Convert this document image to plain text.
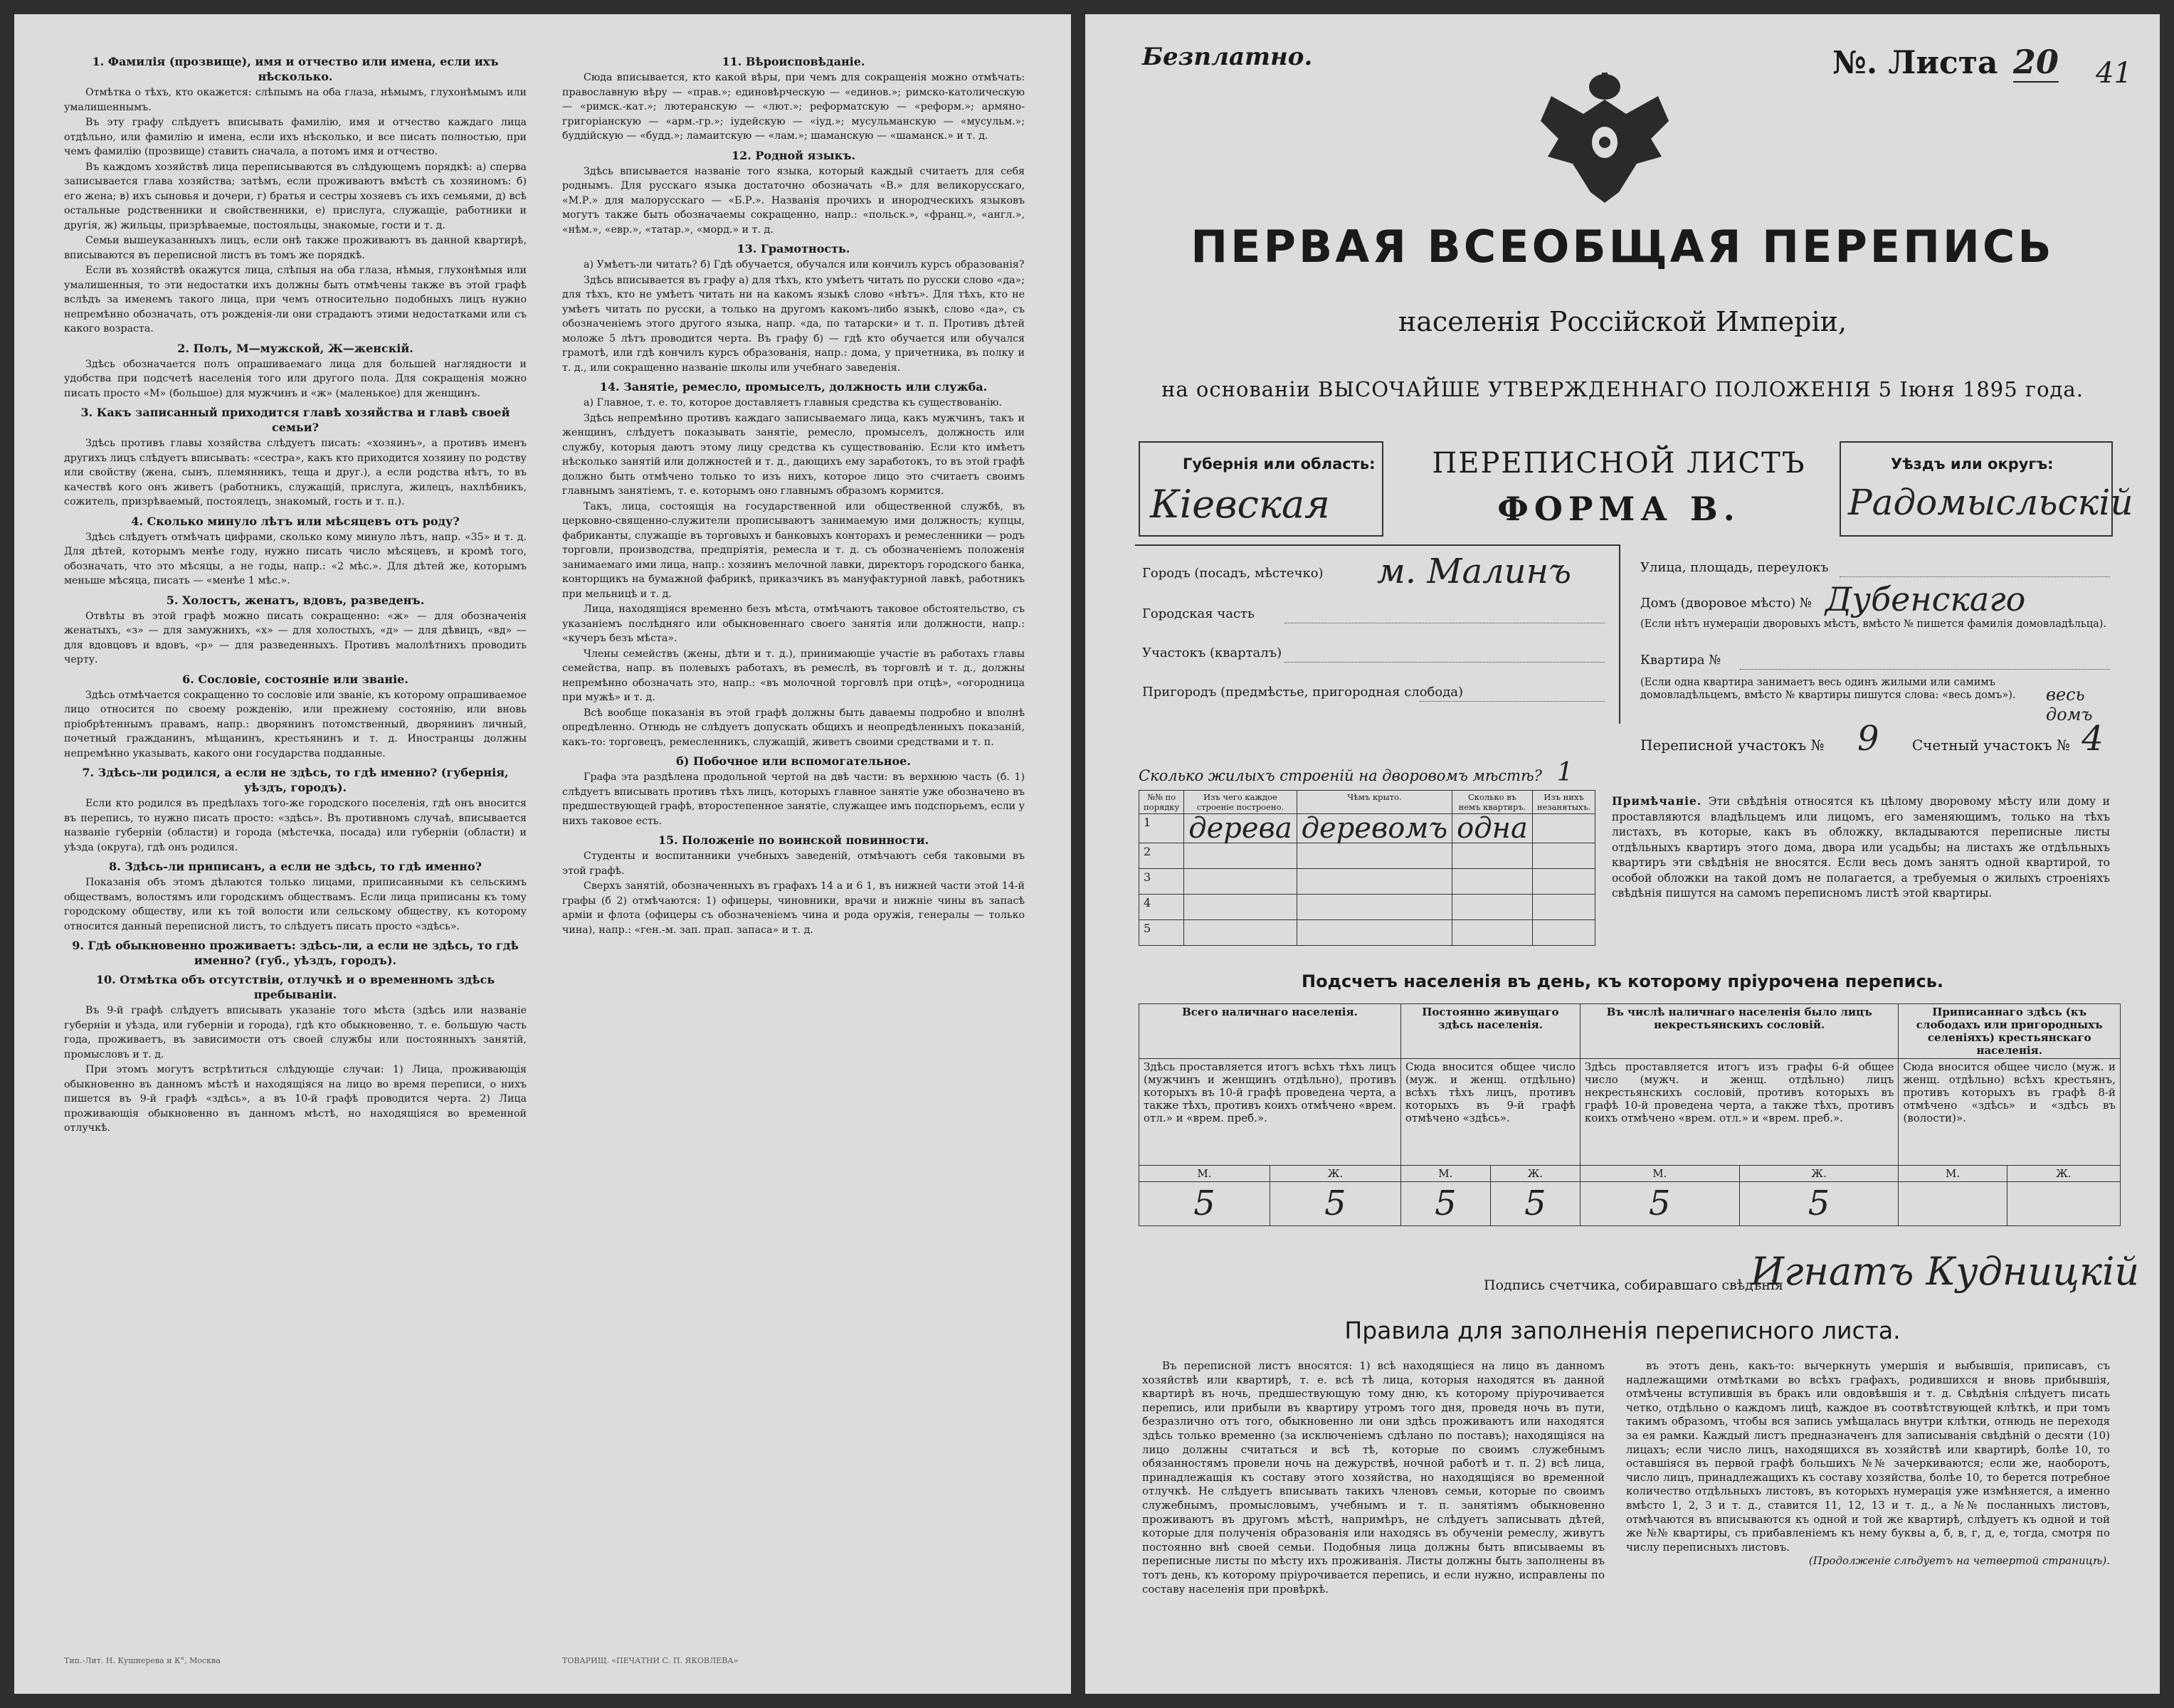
1. Фамилія (прозвище), имя и отчество или имена, если ихъ нѣсколько.

Отмѣтка о тѣхъ, кто окажется: слѣпымъ на оба глаза, нѣмымъ, глухонѣмымъ или умалишеннымъ.

Въ эту графу слѣдуетъ вписывать фамилію, имя и отчество каждаго лица отдѣльно, или фамилію и имена, если ихъ нѣсколько, и все писать полностью, при чемъ фамилію (прозвище) ставить сначала, а потомъ имя и отчество.

Въ каждомъ хозяйствѣ лица переписываются въ слѣдующемъ порядкѣ: а) сперва записывается глава хозяйства; затѣмъ, если проживаютъ вмѣстѣ съ хозяиномъ: б) его жена; в) ихъ сыновья и дочери, г) братья и сестры хозяевъ съ ихъ семьями, д) всѣ остальные родственники и свойственники, е) прислуга, служащіе, работники и другія, ж) жильцы, призрѣваемые, постояльцы, знакомые, гости и т. д.

Семьи вышеуказанныхъ лицъ, если онѣ также проживаютъ въ данной квартирѣ, вписываются въ переписной листъ въ томъ же порядкѣ.

Если въ хозяйствѣ окажутся лица, слѣпыя на оба глаза, нѣмыя, глухонѣмыя или умалишенныя, то эти недостатки ихъ должны быть отмѣчены также въ этой графѣ вслѣдъ за именемъ такого лица, при чемъ относительно подобныхъ лицъ нужно непремѣнно обозначать, отъ рожденія-ли они страдаютъ этими недостатками или съ какого возраста.

2. Полъ, М—мужской, Ж—женскій.

Здѣсь обозначается полъ опрашиваемаго лица для большей наглядности и удобства при подсчетѣ населенія того или другого пола. Для сокращенія можно писать просто «М» (большое) для мужчинъ и «ж» (маленькое) для женщинъ.

3. Какъ записанный приходится главѣ хозяйства и главѣ своей семьи?

Здѣсь противъ главы хозяйства слѣдуетъ писать: «хозяинъ», а противъ именъ другихъ лицъ слѣдуетъ вписывать: «сестра», какъ кто приходится хозяину по родству или свойству (жена, сынъ, племянникъ, теща и друг.), а если родства нѣтъ, то въ качествѣ кого онъ живетъ (работникъ, служащій, прислуга, жилецъ, нахлѣбникъ, сожитель, призрѣваемый, постоялецъ, знакомый, гость и т. п.).

4. Сколько минуло лѣтъ или мѣсяцевъ отъ роду?

Здѣсь слѣдуетъ отмѣчать цифрами, сколько кому минуло лѣтъ, напр. «35» и т. д. Для дѣтей, которымъ менѣе году, нужно писать число мѣсяцевъ, и кромѣ того, обозначать, что это мѣсяцы, а не годы, напр.: «2 мѣс.». Для дѣтей же, которымъ меньше мѣсяца, писать — «менѣе 1 мѣс.».

5. Холостъ, женатъ, вдовъ, разведенъ.

Отвѣты въ этой графѣ можно писать сокращенно: «ж» — для обозначенія женатыхъ, «з» — для замужнихъ, «х» — для холостыхъ, «д» — для дѣвицъ, «вд» — для вдовцовъ и вдовъ, «р» — для разведенныхъ. Противъ малолѣтнихъ проводить черту.

6. Сословіе, состояніе или званіе.

Здѣсь отмѣчается сокращенно то сословіе или званіе, къ которому опрашиваемое лицо относится по своему рожденію, или прежнему состоянію, или вновь пріобрѣтеннымъ правамъ, напр.: дворянинъ потомственный, дворянинъ личный, почетный гражданинъ, мѣщанинъ, крестьянинъ и т. д. Иностранцы должны непремѣнно указывать, какого они государства подданные.

7. Здѣсь-ли родился, а если не здѣсь, то гдѣ именно? (губернія, уѣздъ, городъ).

Если кто родился въ предѣлахъ того-же городского поселенія, гдѣ онъ вносится въ перепись, то нужно писать просто: «здѣсь». Въ противномъ случаѣ, вписывается названіе губерніи (области) и города (мѣстечка, посада) или губерніи (области) и уѣзда (округа), гдѣ онъ родился.

8. Здѣсь-ли приписанъ, а если не здѣсь, то гдѣ именно?

Показанія объ этомъ дѣлаются только лицами, приписанными къ сельскимъ обществамъ, волостямъ или городскимъ обществамъ. Если лица приписаны къ тому городскому обществу, или къ той волости или сельскому обществу, къ которому относится данный переписной листъ, то слѣдуетъ писать просто «здѣсь».

9. Гдѣ обыкновенно проживаетъ: здѣсь-ли, а если не здѣсь, то гдѣ именно? (губ., уѣздъ, городъ).
10. Отмѣтка объ отсутствіи, отлучкѣ и о временномъ здѣсь пребываніи.

Въ 9-й графѣ слѣдуетъ вписывать указаніе того мѣста (здѣсь или названіе губерніи и уѣзда, или губерніи и города), гдѣ кто обыкновенно, т. е. большую часть года, проживаетъ, въ зависимости отъ своей службы или постоянныхъ занятій, промысловъ и т. д.

При этомъ могутъ встрѣтиться слѣдующіе случаи: 1) Лица, проживающія обыкновенно въ данномъ мѣстѣ и находящіяся на лицо во время переписи, о нихъ пишется въ 9-й графѣ «здѣсь», а въ 10-й графѣ проводится черта. 2) Лица проживающія обыкновенно въ данномъ мѣстѣ, но находящіяся во временной отлучкѣ.

11. Вѣроисповѣданіе.

Сюда вписывается, кто какой вѣры, при чемъ для сокращенія можно отмѣчать: православную вѣру — «прав.»; единовѣрческую — «единов.»; римско-католическую — «римск.-кат.»; лютеранскую — «лют.»; реформатскую — «реформ.»; армяно-григоріанскую — «арм.-гр.»; іудейскую — «іуд.»; мусульманскую — «мусульм.»; буддійскую — «будд.»; ламаитскую — «лам.»; шаманскую — «шаманск.» и т. д.

12. Родной языкъ.

Здѣсь вписывается названіе того языка, который каждый считаетъ для себя роднымъ. Для русскаго языка достаточно обозначать «В.» для великорусскаго, «М.Р.» для малорусскаго — «Б.Р.». Названія прочихъ и инородческихъ языковъ могутъ также быть обозначаемы сокращенно, напр.: «польск.», «франц.», «англ.», «нѣм.», «евр.», «татар.», «морд.» и т. д.

13. Грамотность.

а) Умѣетъ-ли читать? б) Гдѣ обучается, обучался или кончилъ курсъ образованія?

Здѣсь вписывается въ графу а) для тѣхъ, кто умѣетъ читать по русски слово «да»; для тѣхъ, кто не умѣетъ читать ни на какомъ языкѣ слово «нѣтъ». Для тѣхъ, кто не умѣетъ читать по русски, а только на другомъ какомъ-либо языкѣ, слово «да», съ обозначеніемъ этого другого языка, напр. «да, по татарски» и т. п. Противъ дѣтей моложе 5 лѣтъ проводится черта. Въ графу б) — гдѣ кто обучается или обучался грамотѣ, или гдѣ кончилъ курсъ образованія, напр.: дома, у причетника, въ полку и т. д., или сокращенно названіе школы или учебнаго заведенія.

14. Занятіе, ремесло, промыселъ, должность или служба.

а) Главное, т. е. то, которое доставляетъ главныя средства къ существованію.

Здѣсь непремѣнно противъ каждаго записываемаго лица, какъ мужчинъ, такъ и женщинъ, слѣдуетъ показывать занятіе, ремесло, промыселъ, должность или службу, которыя даютъ этому лицу средства къ существованію. Если кто имѣетъ нѣсколько занятій или должностей и т. д., дающихъ ему заработокъ, то въ этой графѣ должно быть отмѣчено только то изъ нихъ, которое лицо это считаетъ своимъ главнымъ занятіемъ, т. е. которымъ оно главнымъ образомъ кормится.

Такъ, лица, состоящія на государственной или общественной службѣ, въ церковно-священно-служители прописываютъ занимаемую ими должность; купцы, фабриканты, служащіе въ торговыхъ и банковыхъ конторахъ и ремесленники — родъ торговли, производства, предпріятія, ремесла и т. д. съ обозначеніемъ положенія занимаемаго ими лица, напр.: хозяинъ мелочной лавки, директоръ городского банка, конторщикъ на бумажной фабрикѣ, приказчикъ въ мануфактурной лавкѣ, работникъ при мельницѣ и т. д.

Лица, находящіяся временно безъ мѣста, отмѣчаютъ таковое обстоятельство, съ указаніемъ послѣдняго или обыкновеннаго своего занятія или должности, напр.: «кучеръ безъ мѣста».

Члены семействъ (жены, дѣти и т. д.), принимающіе участіе въ работахъ главы семейства, напр. въ полевыхъ работахъ, въ ремеслѣ, въ торговлѣ и т. д., должны непремѣнно обозначать это, напр.: «въ молочной торговлѣ при отцѣ», «огородница при мужѣ» и т. д.

Всѣ вообще показанія въ этой графѣ должны быть даваемы подробно и вполнѣ опредѣленно. Отнюдь не слѣдуетъ допускать общихъ и неопредѣленныхъ показаній, какъ-то: торговецъ, ремесленникъ, служащій, живетъ своими средствами и т. п.

б) Побочное или вспомогательное.

Графа эта раздѣлена продольной чертой на двѣ части: въ верхнюю часть (б. 1) слѣдуетъ вписывать противъ тѣхъ лицъ, которыхъ главное занятіе уже обозначено въ предшествующей графѣ, второстепенное занятіе, служащее имъ подспорьемъ, если у нихъ таковое есть.

15. Положеніе по воинской повинности.

Студенты и воспитанники учебныхъ заведеній, отмѣчаютъ себя таковыми въ этой графѣ.

Сверхъ занятій, обозначенныхъ въ графахъ 14 а и 6 1, въ нижней части этой 14-й графы (б 2) отмѣчаются: 1) офицеры, чиновники, врачи и нижніе чины въ запасѣ арміи и флота (офицеры съ обозначеніемъ чина и рода оружія, генералы — только чина), напр.: «ген.-м. зап. прап. запаса» и т. д.

Тип.-Лит. Н. Кушнерева и К°, Москва	ТОВАРИЩ. «ПЕЧАТНИ С. П. ЯКОВЛЕВА»
Безплатно.	№. Листа 20 41
ПЕРВАЯ ВСЕОБЩАЯ ПЕРЕПИСЬ
населенія Россійской Имперіи,
на основаніи ВЫСОЧАЙШЕ УТВЕРЖДЕННАГО ПОЛОЖЕНІЯ 5 Іюня 1895 года.
Губернія или область:
Кіевская
ПЕРЕПИСНОЙ ЛИСТЪ
ФОРМА В.
Уѣздъ или округъ:
Радомысльскій
Городъ (посадъ, мѣстечко) м. Малинъ
Городская часть
Участокъ (кварталъ)
Пригородъ (предмѣстье, пригородная слобода)
Улица, площадь, переулокъ
Домъ (дворовое мѣсто) № Дубенскаго
(Если нѣтъ нумераціи дворовыхъ мѣстъ, вмѣсто № пишется фамилія домовладѣльца).
Квартира №
(Если одна квартира занимаетъ весь одинъ жилыми или самимъ домовладѣльцемъ, вмѣсто № квартиры пишутся слова: «весь домъ»).	весь домъ
Переписной участокъ № 9 Счетный участокъ № 4
Сколько жилыхъ строеній на дворовомъ мѣстѣ? 1
№№ по порядку	Изъ чего каждое строеніе построено.	Чѣмъ крыто.	Сколько въ немъ квартиръ.	Изъ нихъ незанятыхъ.
1	дерева	деревомъ	одна	
2				
3				
4				
5				
Примѣчаніе. Эти свѣдѣнія относятся къ цѣлому дворовому мѣсту или дому и проставляются владѣльцемъ или лицомъ, его заменяющимъ, только на тѣхъ листахъ, въ которые, какъ въ обложку, вкладываются переписные листы отдѣльныхъ квартиръ этого дома, двора или усадьбы; на листахъ же отдѣльныхъ квартиръ эти свѣдѣнія не вносятся. Если весь домъ занятъ одной квартирой, то особой обложки на такой домъ не полагается, а требуемыя о жилыхъ строеніяхъ свѣдѣнія пишутся на самомъ переписномъ листѣ этой квартиры.
Подсчетъ населенія въ день, къ которому пріурочена перепись.
Всего наличнаго населенія.		Постоянно живущаго здѣсь населенія.		Въ числѣ наличнаго населенія было лицъ некрестьянскихъ сословій.		Приписаннаго здѣсь (къ слободахъ или пригородныхъ селеніяхъ) крестьянскаго населенія.	
Здѣсь проставляется итогъ всѣхъ тѣхъ лицъ (мужчинъ и женщинъ отдѣльно), противъ которыхъ въ 10-й графѣ проведена черта, а также тѣхъ, противъ коихъ отмѣчено «врем. отл.» и «врем. преб.».		Сюда вносится общее число (муж. и женщ. отдѣльно) всѣхъ тѣхъ лицъ, противъ которыхъ въ 9-й графѣ отмѣчено «здѣсь».		Здѣсь проставляется итогъ изъ графы 6-й общее число (мужч. и женщ. отдѣльно) лицъ некрестьянскихъ сословій, противъ которыхъ въ графѣ 10-й проведена черта, а также тѣхъ, противъ коихъ отмѣчено «врем. отл.» и «врем. преб.».		Сюда вносится общее число (муж. и женщ. отдѣльно) всѣхъ крестьянъ, противъ которыхъ въ графѣ 8-й отмѣчено «здѣсь» и «здѣсь въ (волости)».	
М.	Ж.	М.	Ж.	М.	Ж.	М.	Ж.
5	5	5	5	5	5		
Подпись счетчика, собиравшаго свѣдѣнія
Игнатъ Кудницкій
Правила для заполненія переписного листа.

Въ переписной листъ вносятся: 1) всѣ находящіеся на лицо въ данномъ хозяйствѣ или квартирѣ, т. е. всѣ тѣ лица, которыя находятся въ данной квартирѣ въ ночь, предшествующую тому дню, къ которому пріурочивается перепись, или прибыли въ квартиру утромъ того дня, проведя ночь въ пути, безразлично отъ того, обыкновенно ли они здѣсь проживаютъ или находятся здѣсь только временно (за исключеніемъ сдѣлано по поставъ); находящіяся на лицо должны считаться и всѣ тѣ, которые по своимъ служебнымъ обязанностямъ провели ночь на дежурствѣ, ночной работѣ и т. п. 2) всѣ лица, принадлежащія къ составу этого хозяйства, но находящіяся во временной отлучкѣ. Не слѣдуетъ вписывать такихъ членовъ семьи, которые по своимъ служебнымъ, промысловымъ, учебнымъ и т. п. занятіямъ обыкновенно проживаютъ въ другомъ мѣстѣ, напримѣръ, не слѣдуетъ записывать дѣтей, которые для полученія образованія или находясь въ обученіи ремеслу, живутъ постоянно внѣ своей семьи. Подобныя лица должны быть вписываемы въ переписные листы по мѣсту ихъ проживанія. Листы должны быть заполнены въ тотъ день, къ которому пріурочивается перепись, и если нужно, исправлены по составу населенія при провѣркѣ.

въ этотъ день, какъ-то: вычеркнуть умершія и выбывшія, приписавъ, съ надлежащими отмѣтками во всѣхъ графахъ, родившихся и вновь прибывшія, отмѣчены вступившія въ бракъ или овдовѣвшія и т. д. Свѣдѣнія слѣдуетъ писать четко, отдѣльно о каждомъ лицѣ, каждое въ соотвѣтствующей клѣткѣ, и при томъ такимъ образомъ, чтобы вся запись умѣщалась внутри клѣтки, отнюдь не переходя за ея рамки. Каждый листъ предназначенъ для записыванія свѣдѣній о десяти (10) лицахъ; если число лицъ, находящихся въ хозяйствѣ или квартирѣ, болѣе 10, то оставшіяся въ первой графѣ большихъ №№ зачеркиваются; если же, наоборотъ, число лицъ, принадлежащихъ къ составу хозяйства, болѣе 10, то берется потребное количество отдѣльныхъ листовъ, въ которыхъ нумерація уже измѣняется, а именно вмѣсто 1, 2, 3 и т. д., ставится 11, 12, 13 и т. д., а №№ посланныхъ листовъ, отмѣчаются въ вписываются къ одной и той же квартирѣ, слѣдуетъ къ одной и той же №№ квартиры, съ прибавленіемъ къ нему буквы а, б, в, г, д, е, тогда, смотря по числу переписныхъ листовъ.

(Продолженіе слѣдуетъ на четвертой страницѣ).
